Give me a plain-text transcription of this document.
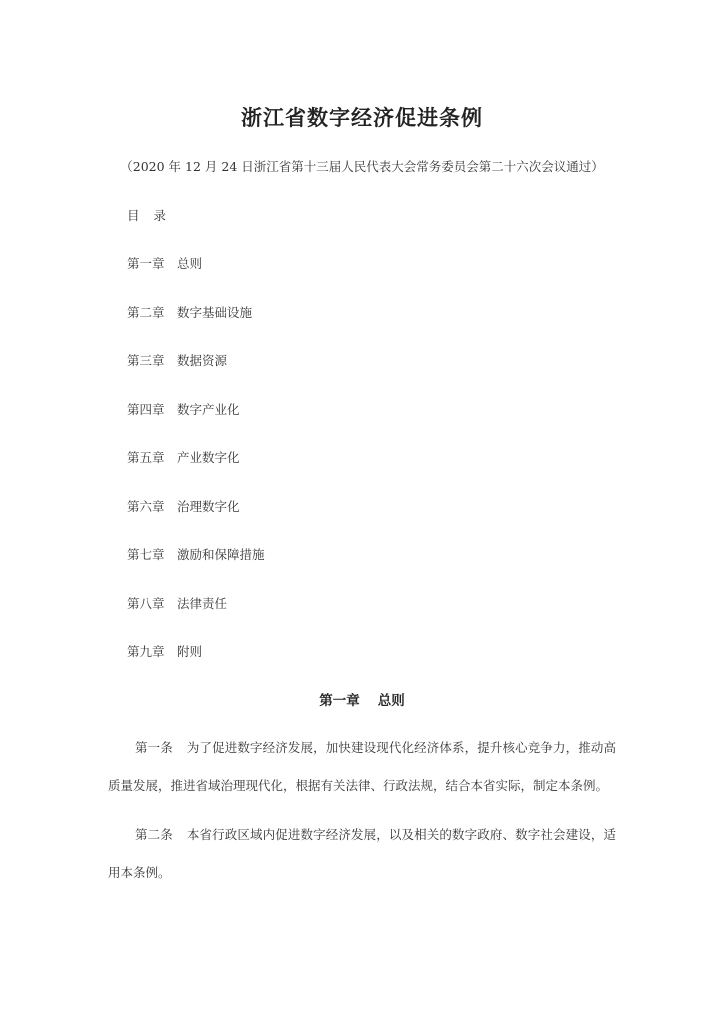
浙江省数字经济促进条例
（2020 年 12 月 24 日浙江省第十三届人民代表大会常务委员会第二十六次会议通过）
目 录
第一章 总则
第二章 数字基础设施
第三章 数据资源
第四章 数字产业化
第五章 产业数字化
第六章 治理数字化
第七章 激励和保障措施
第八章 法律责任
第九章 附则
第一章 总则

第一条 为了促进数字经济发展，加快建设现代化经济体系，提升核心竞争力，推动高质量发展，推进省域治理现代化，根据有关法律、行政法规，结合本省实际，制定本条例。

第二条 本省行政区域内促进数字经济发展，以及相关的数字政府、数字社会建设，适用本条例。
